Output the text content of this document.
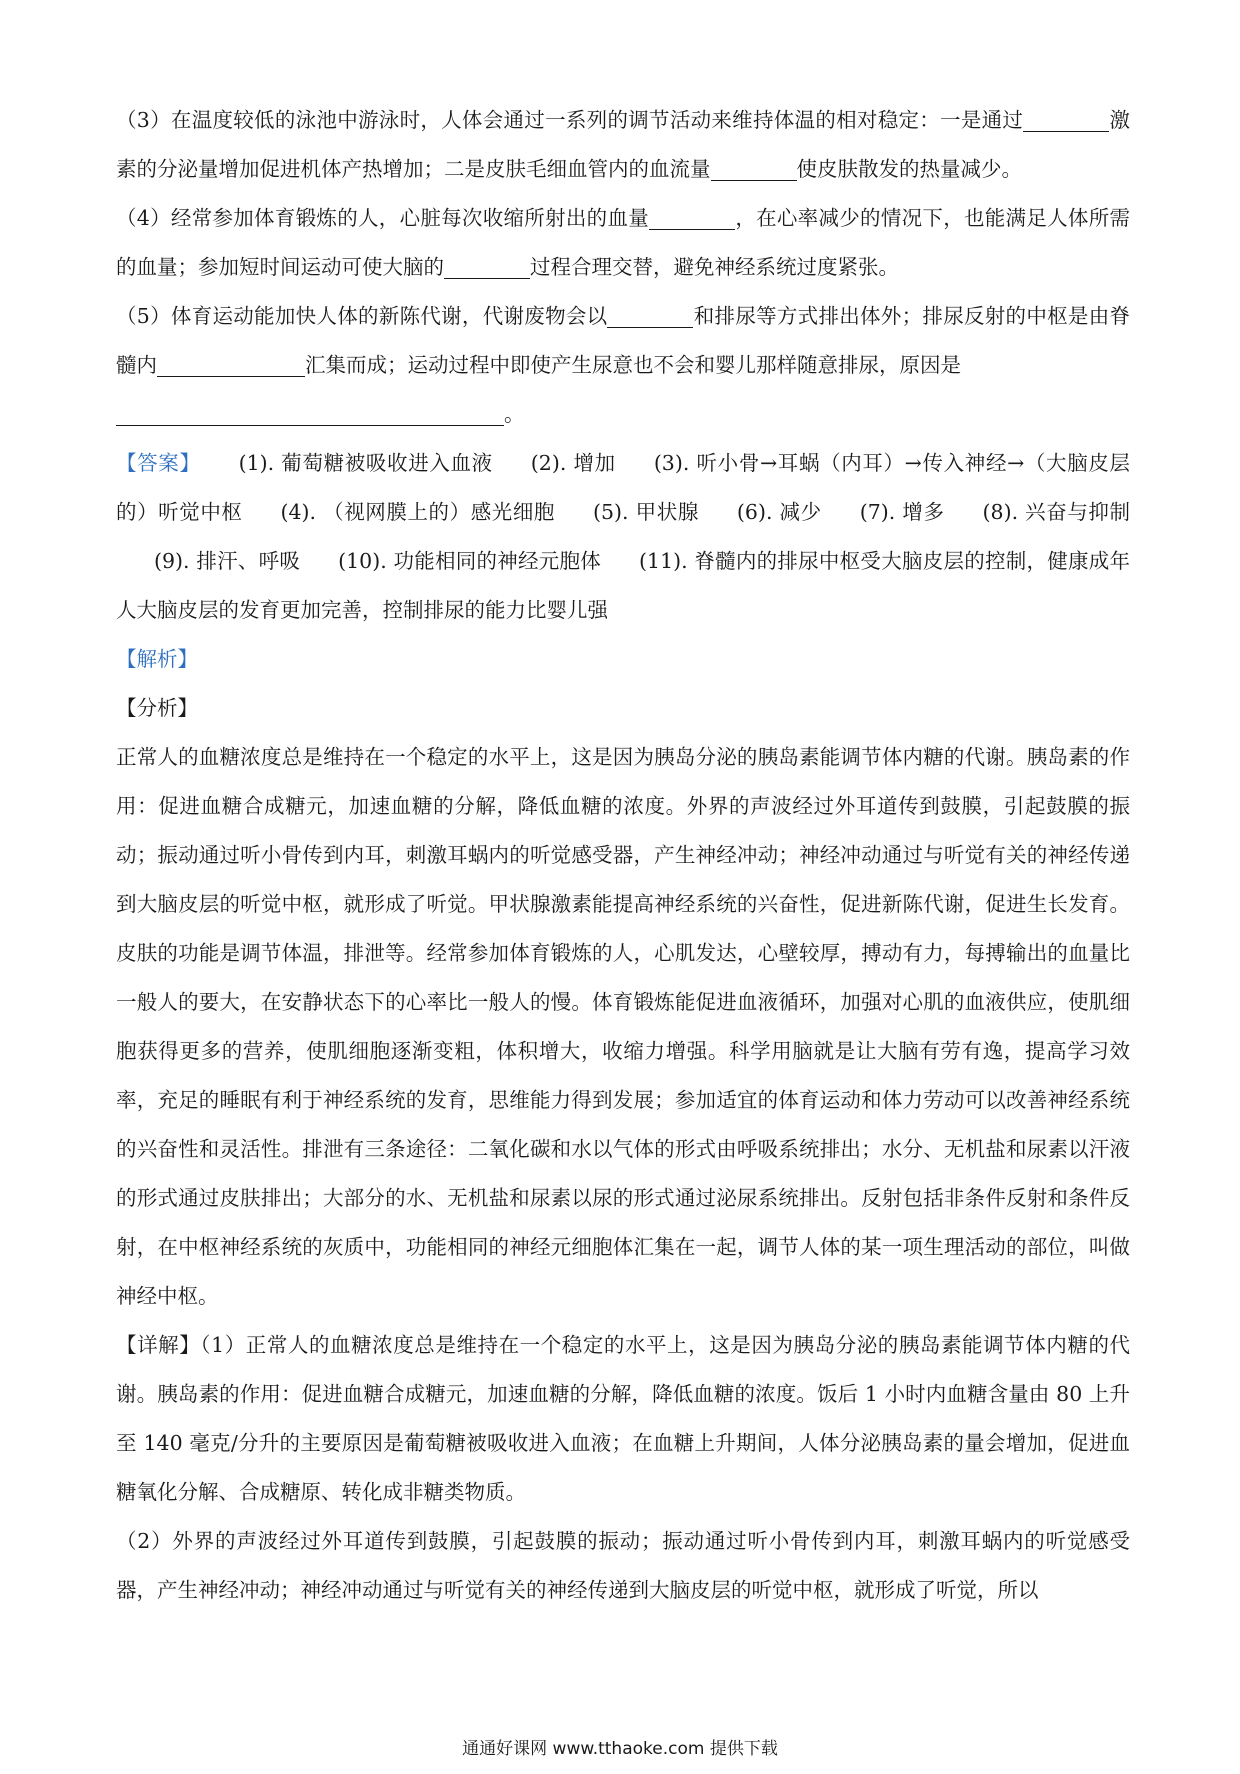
（3）在温度较低的泳池中游泳时，人体会通过一系列的调节活动来维持体温的相对稳定：一是通过	激素的分泌量增加促进机体产热增加；二是皮肤毛细血管内的血流量	使皮肤散发的热量减少。

（4）经常参加体育锻炼的人，心脏每次收缩所射出的血量	，在心率减少的情况下，也能满足人体所需的血量；参加短时间运动可使大脑的	过程合理交替，避免神经系统过度紧张。

（5）体育运动能加快人体的新陈代谢，代谢废物会以	和排尿等方式排出体外；排尿反射的中枢是由脊髓内	汇集而成；运动过程中即使产生尿意也不会和婴儿那样随意排尿，原因是
。

【答案】 (1). 葡萄糖被吸收进入血液 (2). 增加 (3). 听小骨→耳蜗（内耳）→传入神经→（大脑皮层的）听觉中枢 (4). （视网膜上的）感光细胞 (5). 甲状腺 (6). 减少 (7). 增多 (8). 兴奋与抑制(9). 排汗、呼吸 (10). 功能相同的神经元胞体 (11). 脊髓内的排尿中枢受大脑皮层的控制，健康成年人大脑皮层的发育更加完善，控制排尿的能力比婴儿强

【解析】

【分析】

正常人的血糖浓度总是维持在一个稳定的水平上，这是因为胰岛分泌的胰岛素能调节体内糖的代谢。胰岛素的作用：促进血糖合成糖元，加速血糖的分解，降低血糖的浓度。外界的声波经过外耳道传到鼓膜，引起鼓膜的振动；振动通过听小骨传到内耳，刺激耳蜗内的听觉感受器，产生神经冲动；神经冲动通过与听觉有关的神经传递到大脑皮层的听觉中枢，就形成了听觉。甲状腺激素能提高神经系统的兴奋性，促进新陈代谢，促进生长发育。皮肤的功能是调节体温，排泄等。经常参加体育锻炼的人，心肌发达，心壁较厚，搏动有力，每搏输出的血量比一般人的要大，在安静状态下的心率比一般人的慢。体育锻炼能促进血液循环，加强对心肌的血液供应，使肌细胞获得更多的营养，使肌细胞逐渐变粗，体积增大，收缩力增强。科学用脑就是让大脑有劳有逸，提高学习效率，充足的睡眠有利于神经系统的发育，思维能力得到发展；参加适宜的体育运动和体力劳动可以改善神经系统的兴奋性和灵活性。排泄有三条途径：二氧化碳和水以气体的形式由呼吸系统排出；水分、无机盐和尿素以汗液的形式通过皮肤排出；大部分的水、无机盐和尿素以尿的形式通过泌尿系统排出。反射包括非条件反射和条件反射，在中枢神经系统的灰质中，功能相同的神经元细胞体汇集在一起，调节人体的某一项生理活动的部位，叫做神经中枢。

【详解】（1）正常人的血糖浓度总是维持在一个稳定的水平上，这是因为胰岛分泌的胰岛素能调节体内糖的代谢。胰岛素的作用：促进血糖合成糖元，加速血糖的分解，降低血糖的浓度。饭后 1 小时内血糖含量由 80 上升至 140 毫克/分升的主要原因是葡萄糖被吸收进入血液；在血糖上升期间，人体分泌胰岛素的量会增加，促进血糖氧化分解、合成糖原、转化成非糖类物质。

（2）外界的声波经过外耳道传到鼓膜，引起鼓膜的振动；振动通过听小骨传到内耳，刺激耳蜗内的听觉感受器，产生神经冲动；神经冲动通过与听觉有关的神经传递到大脑皮层的听觉中枢，就形成了听觉，所以

通通好课网 www.tthaoke.com 提供下载
